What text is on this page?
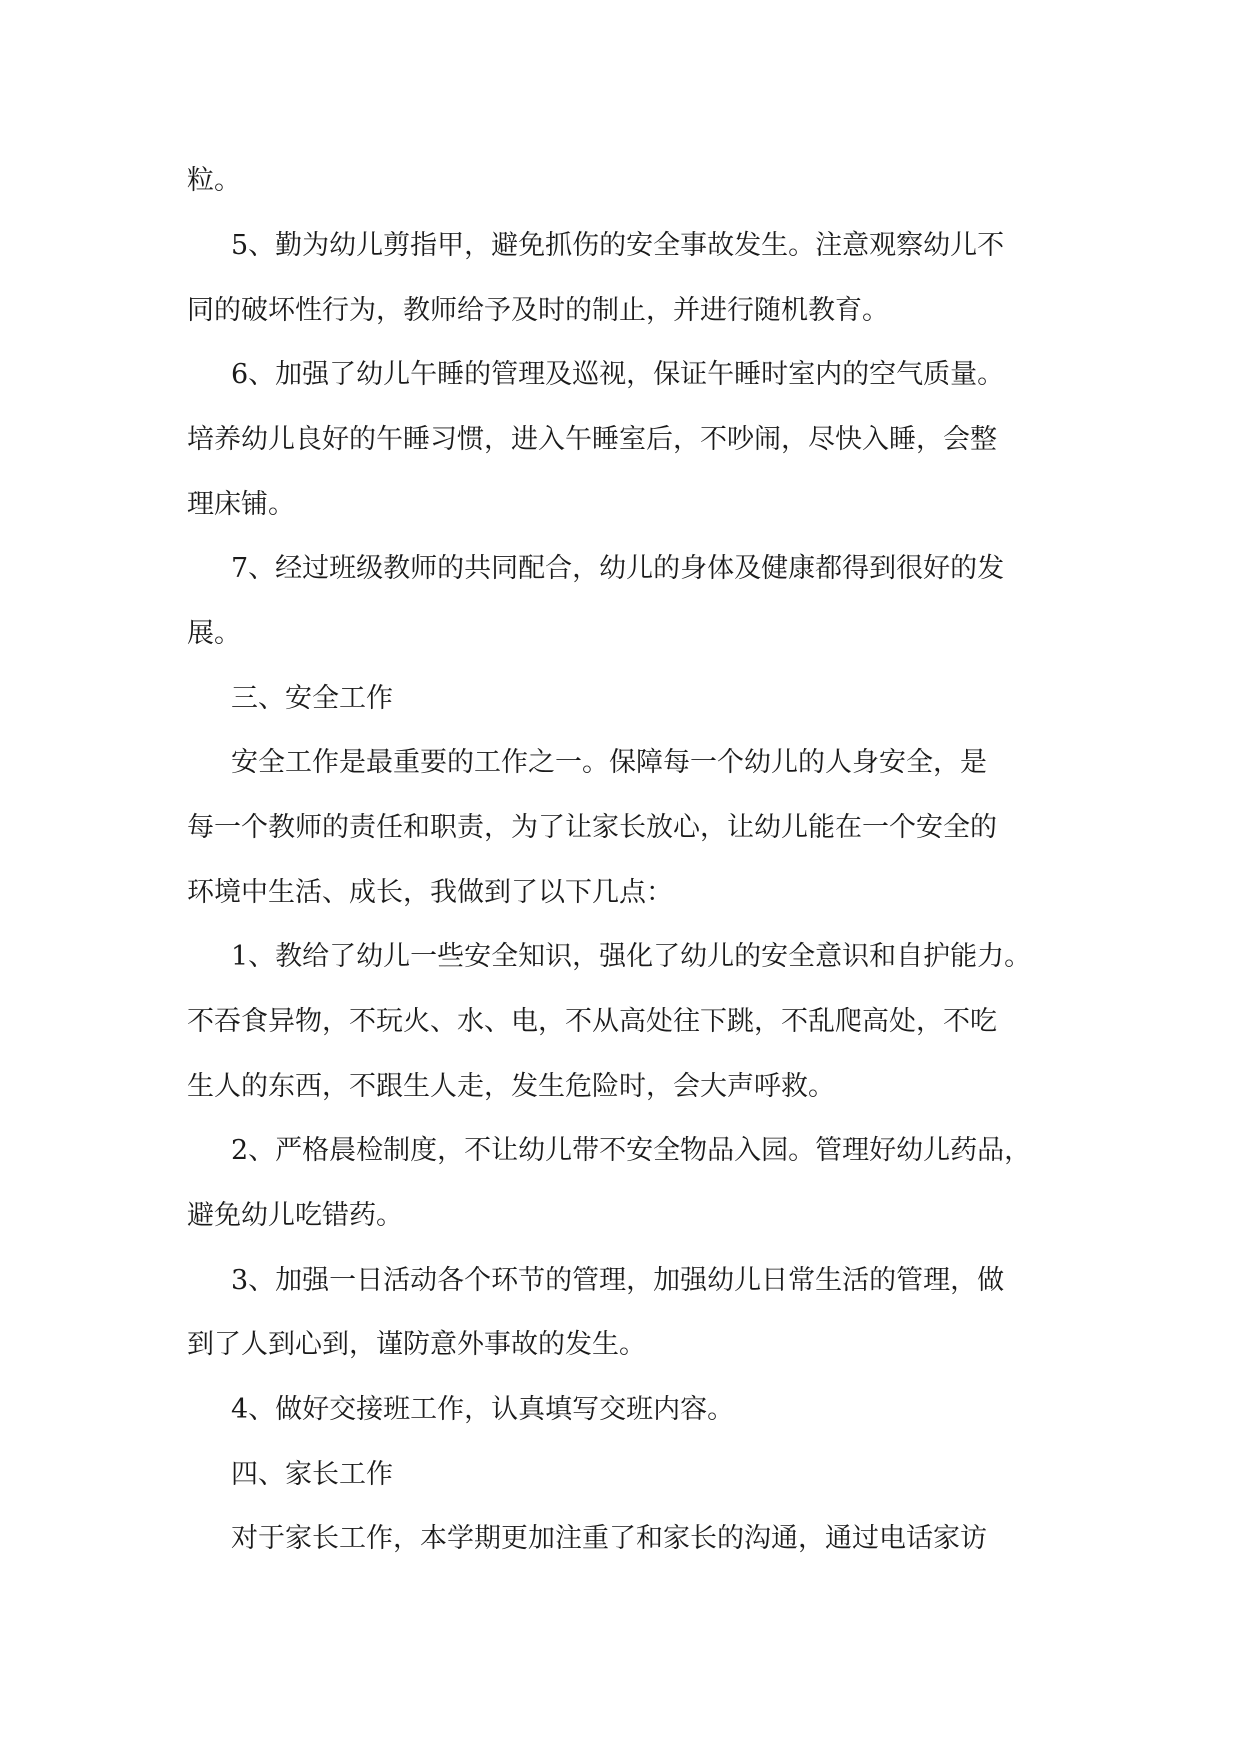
粒。
5、勤为幼儿剪指甲，避免抓伤的安全事故发生。注意观察幼儿不
同的破坏性行为，教师给予及时的制止，并进行随机教育。
6、加强了幼儿午睡的管理及巡视，保证午睡时室内的空气质量。
培养幼儿良好的午睡习惯，进入午睡室后，不吵闹，尽快入睡，会整
理床铺。
7、经过班级教师的共同配合，幼儿的身体及健康都得到很好的发
展。
三、安全工作
安全工作是最重要的工作之一。保障每一个幼儿的人身安全，是
每一个教师的责任和职责，为了让家长放心，让幼儿能在一个安全的
环境中生活、成长，我做到了以下几点：
1、教给了幼儿一些安全知识，强化了幼儿的安全意识和自护能力。
不吞食异物，不玩火、水、电，不从高处往下跳，不乱爬高处，不吃
生人的东西，不跟生人走，发生危险时，会大声呼救。
2、严格晨检制度，不让幼儿带不安全物品入园。管理好幼儿药品，
避免幼儿吃错药。
3、加强一日活动各个环节的管理，加强幼儿日常生活的管理，做
到了人到心到，谨防意外事故的发生。
4、做好交接班工作，认真填写交班内容。
四、家长工作
对于家长工作，本学期更加注重了和家长的沟通，通过电话家访
